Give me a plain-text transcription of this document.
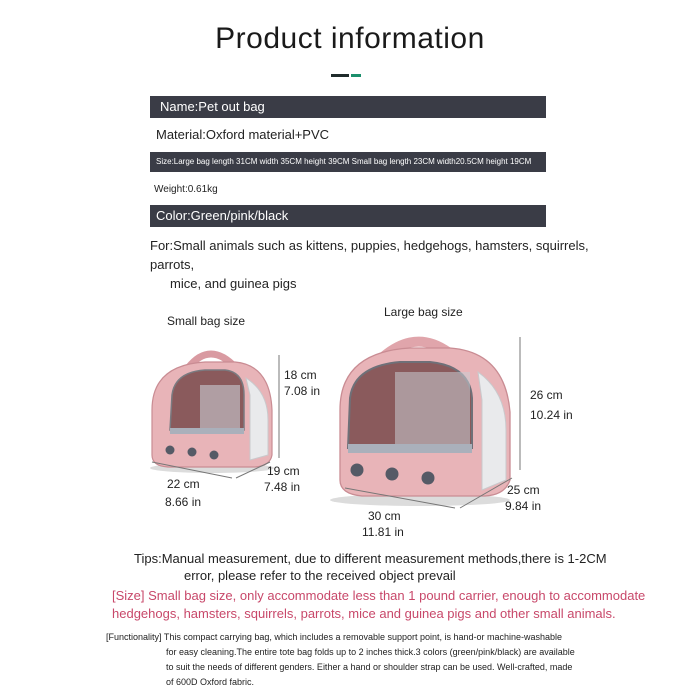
Product information
Name:Pet out bag
Material:Oxford material+PVC
Size:Large bag length 31CM width 35CM height 39CM Small bag length 23CM width20.5CM height 19CM
Weight:0.61kg
Color:Green/pink/black
For:Small animals such as kittens, puppies, hedgehogs, hamsters, squirrels, parrots,
mice, and guinea pigs
Small bag size
18 cm
7.08 in
22 cm
8.66 in
19 cm
7.48 in
Large bag size
26 cm
10.24 in
30 cm
11.81 in
25 cm
9.84 in
Tips:Manual measurement, due to different measurement methods,there is 1-2CM
error, please refer to the received object prevail
[Size] Small bag size, only accommodate less than 1 pound carrier, enough to accommodate
hedgehogs, hamsters, squirrels, parrots, mice and guinea pigs and other small animals.
[Functionality] This compact carrying bag, which includes a removable support point, is hand-or machine-washable
for easy cleaning.The entire tote bag folds up to 2 inches thick.3 colors (green/pink/black) are available
to suit the needs of different genders. Either a hand or shoulder strap can be used. Well-crafted, made
of 600D Oxford fabric.
